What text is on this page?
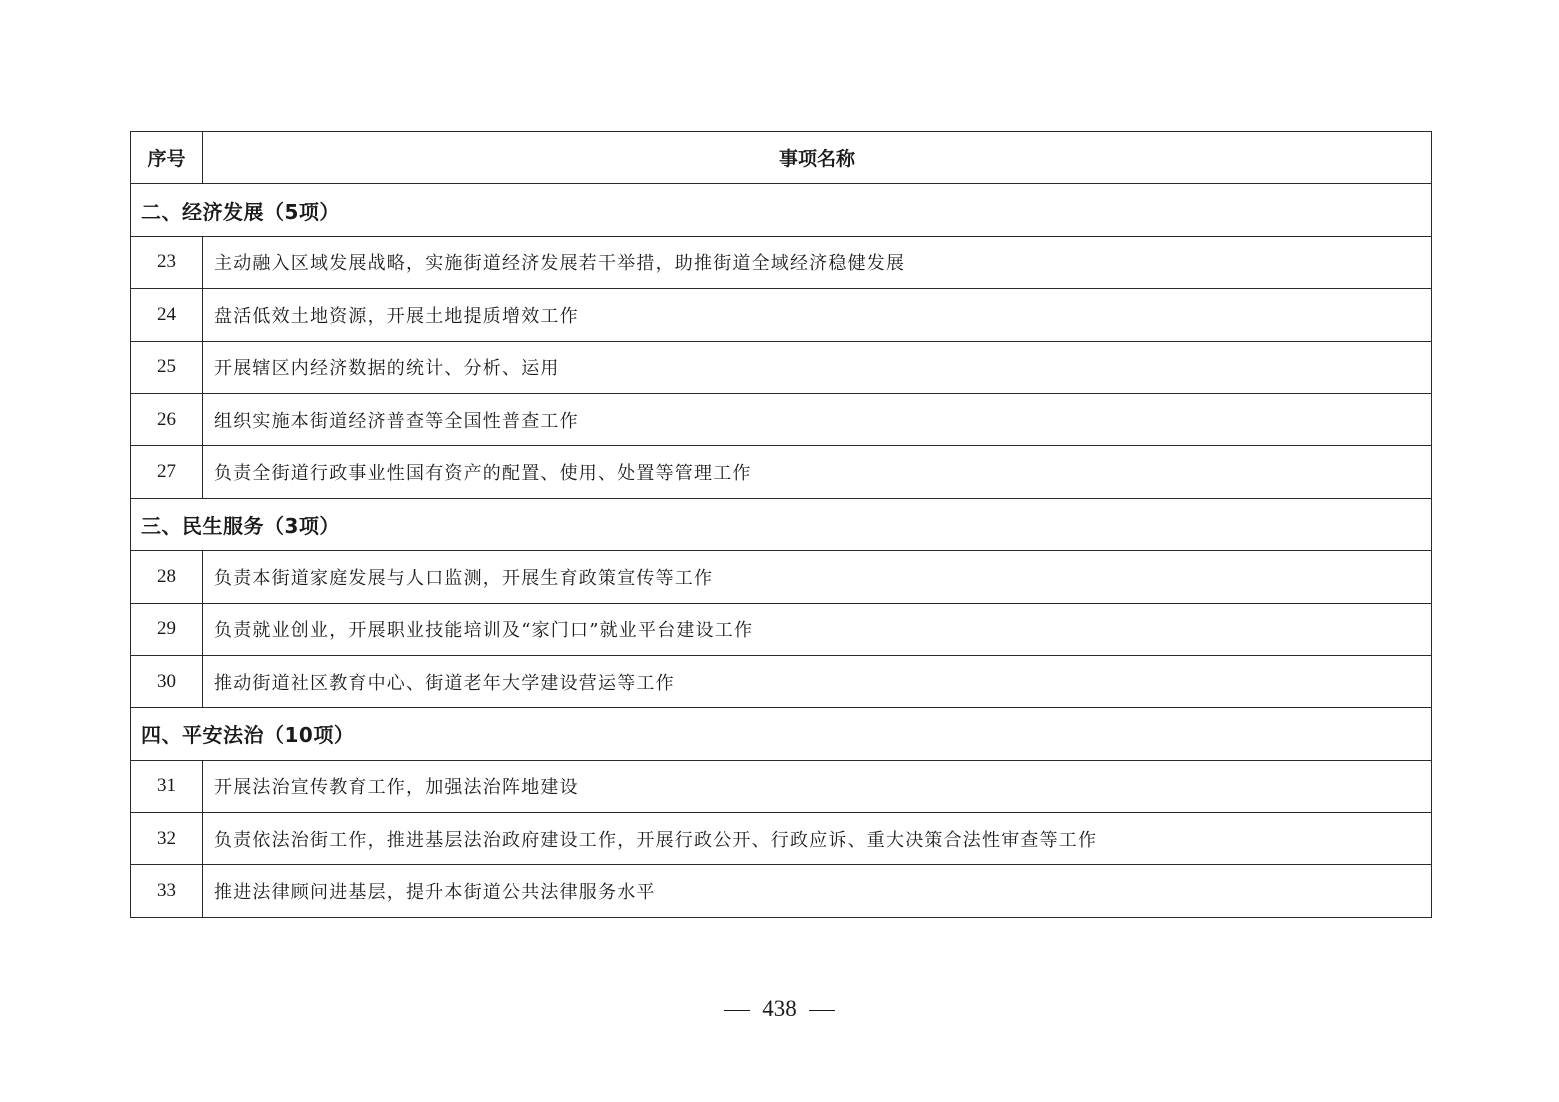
序号	事项名称
二、经济发展（5项）	
23	主动融入区域发展战略，实施街道经济发展若干举措，助推街道全域经济稳健发展
24	盘活低效土地资源，开展土地提质增效工作
25	开展辖区内经济数据的统计、分析、运用
26	组织实施本街道经济普查等全国性普查工作
27	负责全街道行政事业性国有资产的配置、使用、处置等管理工作
三、民生服务（3项）	
28	负责本街道家庭发展与人口监测，开展生育政策宣传等工作
29	负责就业创业，开展职业技能培训及“家门口”就业平台建设工作
30	推动街道社区教育中心、街道老年大学建设营运等工作
四、平安法治（10项）	
31	开展法治宣传教育工作，加强法治阵地建设
32	负责依法治街工作，推进基层法治政府建设工作，开展行政公开、行政应诉、重大决策合法性审查等工作
33	推进法律顾问进基层，提升本街道公共法律服务水平
438
